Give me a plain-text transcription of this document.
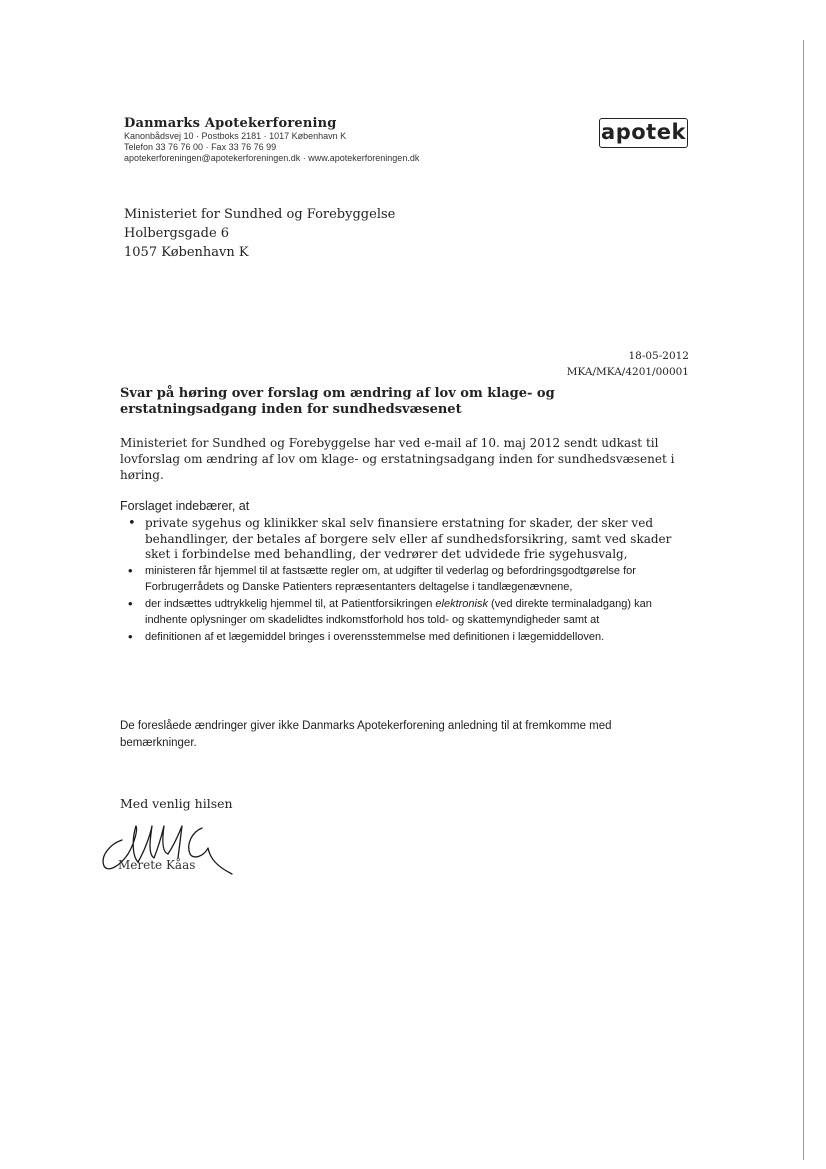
Danmarks Apotekerforening
Kanonbådsvej 10 · Postboks 2181 · 1017 København K
Telefon 33 76 76 00 · Fax 33 76 76 99
apotekerforeningen@apotekerforeningen.dk · www.apotekerforeningen.dk
apotek
Ministeriet for Sundhed og Forebyggelse
Holbergsgade 6
1057 København K
18-05-2012
MKA/MKA/4201/00001
Svar på høring over forslag om ændring af lov om klage- og erstatningsadgang inden for sundhedsvæsenet
Ministeriet for Sundhed og Forebyggelse har ved e-mail af 10. maj 2012 sendt udkast til lovforslag om ændring af lov om klage- og erstatningsadgang inden for sundhedsvæsenet i høring.
Forslaget indebærer, at
• private sygehus og klinikker skal selv finansiere erstatning for skader, der sker ved behandlinger, der betales af borgere selv eller af sundhedsforsikring, samt ved skader sket i forbindelse med behandling, der vedrører det udvidede frie sygehusvalg,
• ministeren får hjemmel til at fastsætte regler om, at udgifter til vederlag og befordringsgodtgørelse for Forbrugerrådets og Danske Patienters repræsentanters deltagelse i tandlægenævnene,
• der indsættes udtrykkelig hjemmel til, at Patientforsikringen elektronisk (ved direkte terminaladgang) kan indhente oplysninger om skadelidtes indkomstforhold hos told- og skattemyndigheder samt at
• definitionen af et lægemiddel bringes i overensstemmelse med definitionen i lægemiddelloven.
De foreslåede ændringer giver ikke Danmarks Apotekerforening anledning til at fremkomme med bemærkninger.
Med venlig hilsen
Merete Kåas
